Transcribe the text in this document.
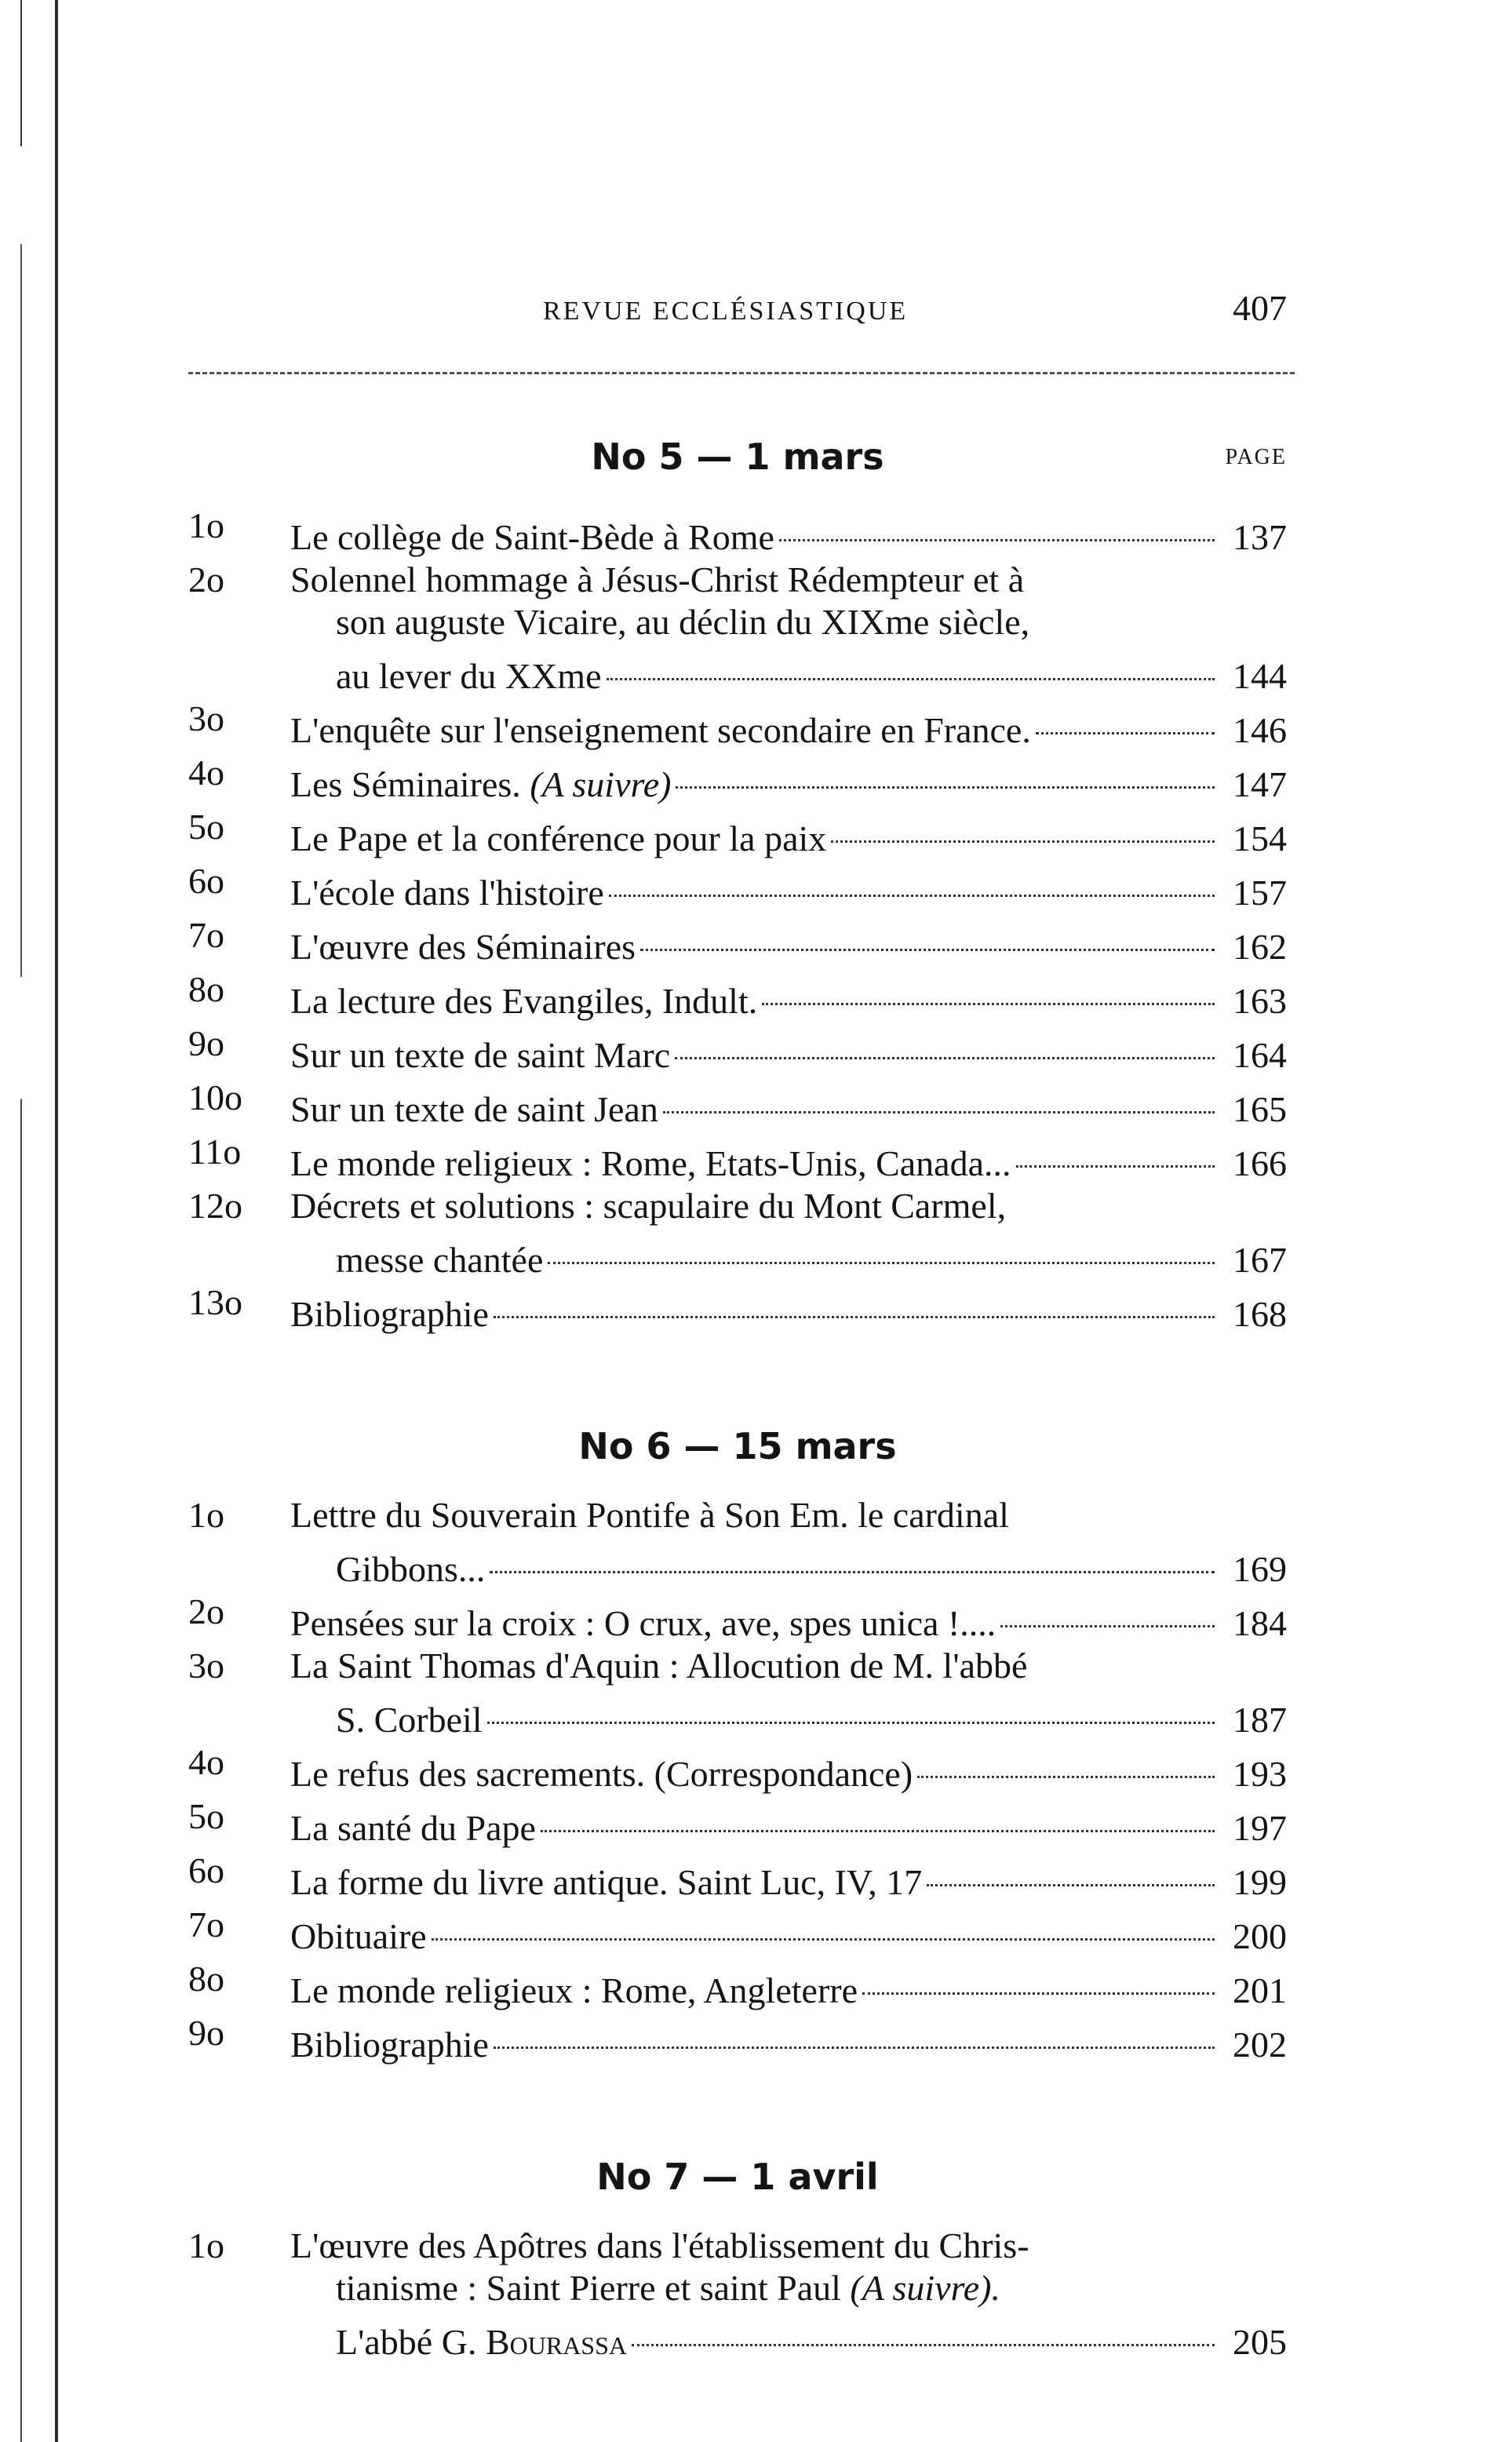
REVUE ECCLÉSIASTIQUE	407
No 5 — 1 mars	PAGE
1o	Le collège de Saint-Bède à Rome	137
2o	Solennel hommage à Jésus-Christ Rédempteur et à
son auguste Vicaire, au déclin du XIXme siècle,
au lever du XXme	144
3o	L'enquête sur l'enseignement secondaire en France.	146
4o	Les Séminaires. (A suivre)	147
5o	Le Pape et la conférence pour la paix	154
6o	L'école dans l'histoire	157
7o	L'œuvre des Séminaires	162
8o	La lecture des Evangiles, Indult.	163
9o	Sur un texte de saint Marc	164
10o	Sur un texte de saint Jean	165
11o	Le monde religieux : Rome, Etats-Unis, Canada...	166
12o	Décrets et solutions : scapulaire du Mont Carmel,
messe chantée	167
13o	Bibliographie	168
No 6 — 15 mars
1o	Lettre du Souverain Pontife à Son Em. le cardinal
Gibbons...	169
2o	Pensées sur la croix : O crux, ave, spes unica !....	184
3o	La Saint Thomas d'Aquin : Allocution de M. l'abbé
S. Corbeil	187
4o	Le refus des sacrements. (Correspondance)	193
5o	La santé du Pape	197
6o	La forme du livre antique. Saint Luc, IV, 17	199
7o	Obituaire	200
8o	Le monde religieux : Rome, Angleterre	201
9o	Bibliographie	202
No 7 — 1 avril
1o	L'œuvre des Apôtres dans l'établissement du Chris-
tianisme : Saint Pierre et saint Paul (A suivre).
L'abbé G. Bourassa	205
